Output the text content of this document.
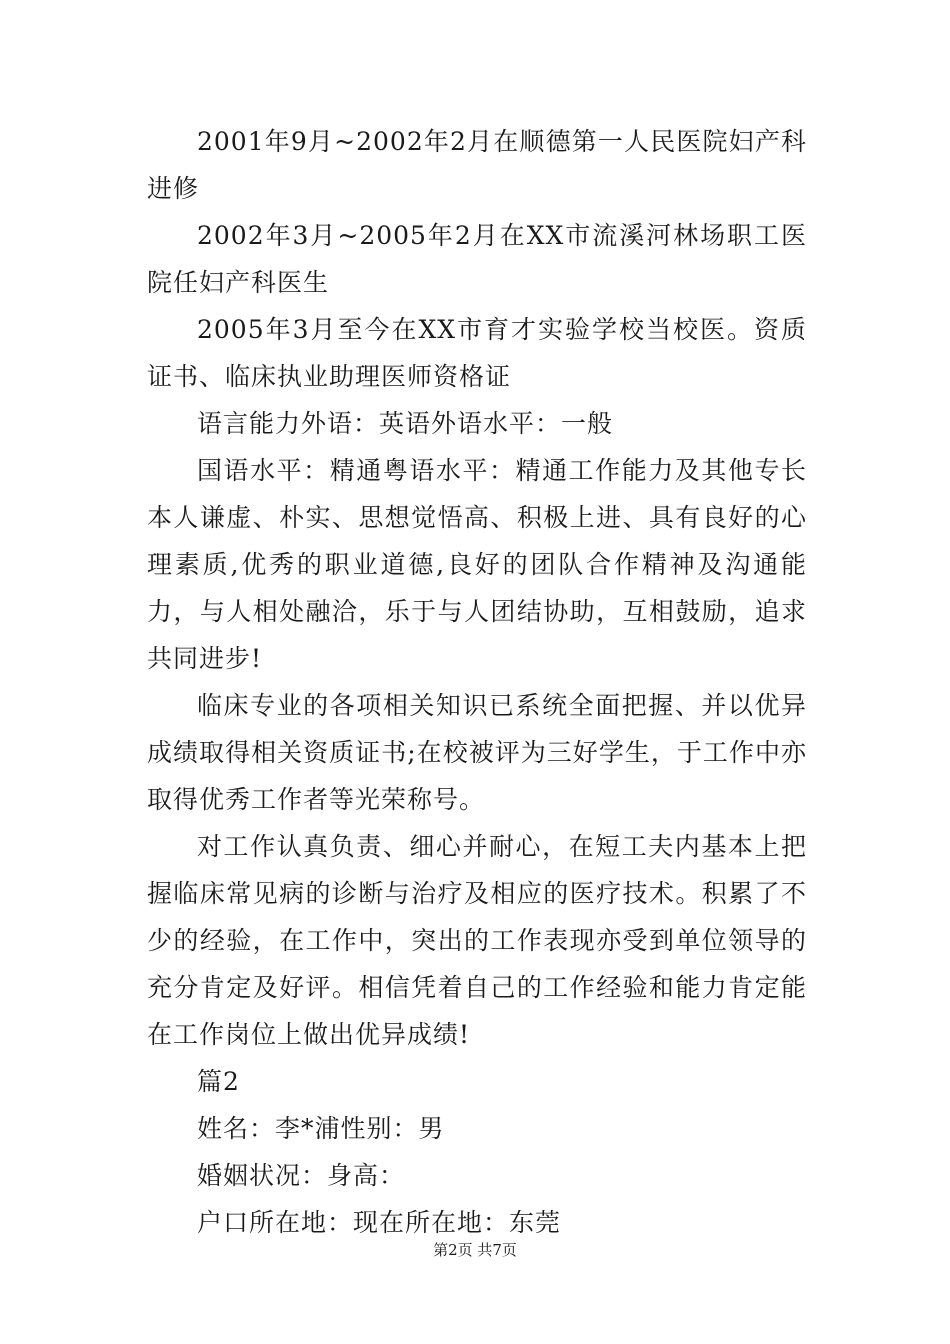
2001年9月~2002年2月在顺德第一人民医院妇产科进修

2002年3月~2005年2月在XX市流溪河林场职工医院任妇产科医生

2005年3月至今在XX市育才实验学校当校医。资质证书、临床执业助理医师资格证

语言能力外语：英语外语水平：一般

国语水平：精通粤语水平：精通工作能力及其他专长本人谦虚、朴实、思想觉悟高、积极上进、具有良好的心理素质,优秀的职业道德,良好的团队合作精神及沟通能力，与人相处融洽，乐于与人团结协助，互相鼓励，追求共同进步!

临床专业的各项相关知识已系统全面把握、并以优异成绩取得相关资质证书;在校被评为三好学生，于工作中亦取得优秀工作者等光荣称号。

对工作认真负责、细心并耐心，在短工夫内基本上把握临床常见病的诊断与治疗及相应的医疗技术。积累了不少的经验，在工作中，突出的工作表现亦受到单位领导的充分肯定及好评。相信凭着自己的工作经验和能力肯定能在工作岗位上做出优异成绩!

篇2

姓名：李*浦性别：男

婚姻状况：身高：

户口所在地：现在所在地：东莞

第2页 共7页
